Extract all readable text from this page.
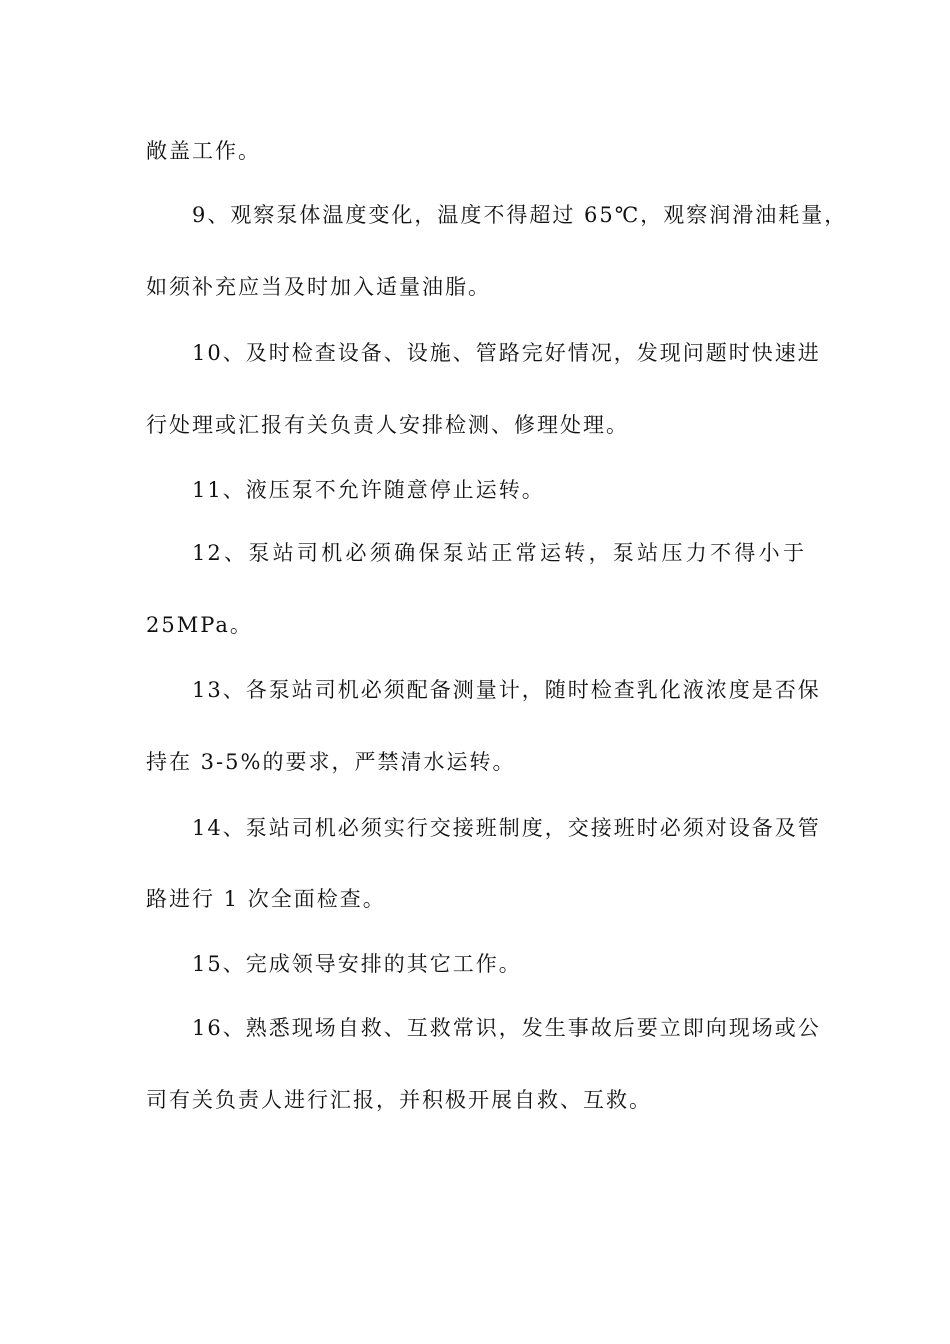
敞盖工作。
9、观察泵体温度变化，温度不得超过 65℃，观察润滑油耗量，
如须补充应当及时加入适量油脂。
10、及时检查设备、设施、管路完好情况，发现问题时快速进
行处理或汇报有关负责人安排检测、修理处理。
11、液压泵不允许随意停止运转。
12、泵站司机必须确保泵站正常运转，泵站压力不得小于
25MPa。
13、各泵站司机必须配备测量计，随时检查乳化液浓度是否保
持在 3-5%的要求，严禁清水运转。
14、泵站司机必须实行交接班制度，交接班时必须对设备及管
路进行 1 次全面检查。
15、完成领导安排的其它工作。
16、熟悉现场自救、互救常识，发生事故后要立即向现场或公
司有关负责人进行汇报，并积极开展自救、互救。
